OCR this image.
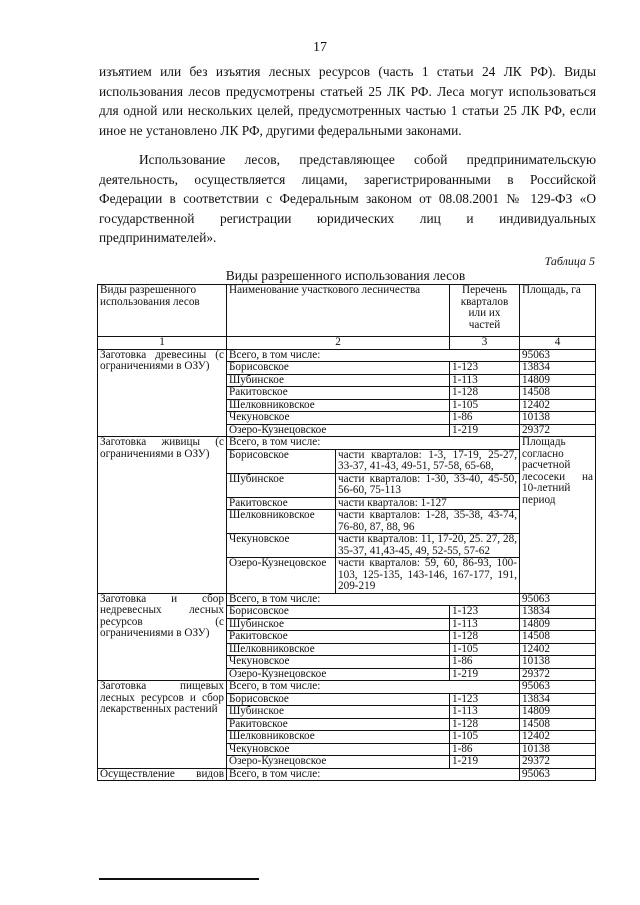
17

изъятием или без изъятия лесных ресурсов (часть 1 статьи 24 ЛК РФ). Виды использования лесов предусмотрены статьей 25 ЛК РФ. Леса могут использоваться для одной или нескольких целей, предусмотренных частью 1 статьи 25 ЛК РФ, если иное не установлено ЛК РФ, другими федеральными законами.

Использование лесов, представляющее собой предпринимательскую деятельность, осуществляется лицами, зарегистрированными в Российской Федерации в соответствии с Федеральным законом от 08.08.2001 № 129-ФЗ «О государственной регистрации юридических лиц и индивидуальных предпринимателей».

Таблица 5
Виды разрешенного использования лесов
Виды разрешенного использования лесов	Наименование участкового лесничества		Перечень кварталов или их частей	Площадь, га
1	2		3	4
Заготовка древесины (с ограничениями в ОЗУ)	Всего, в том числе:			95063
	Борисовское		1-123	13834
	Шубинское		1-113	14809
	Ракитовское		1-128	14508
	Шелковниковское		1-105	12402
	Чекуновское		1-86	10138
	Озеро-Кузнецовское		1-219	29372
Заготовка живицы (с ограничениями в ОЗУ)	Всего, в том числе:			Площадь согласно расчетной лесосеки на 10-летний период
	Борисовское	части кварталов: 1-3, 17-19, 25-27, 33-37, 41-43, 49-51, 57-58, 65-68,		
	Шубинское	части кварталов: 1-30, 33-40, 45-50, 56-60, 75-113		
	Ракитовское	части кварталов: 1-127		
	Шелковниковское	части кварталов: 1-28, 35-38, 43-74, 76-80, 87, 88, 96		
	Чекуновское	части кварталов: 11, 17-20, 25. 27, 28, 35-37, 41,43-45, 49, 52-55, 57-62		
	Озеро-Кузнецовское	части кварталов: 59, 60, 86-93, 100-103, 125-135, 143-146, 167-177, 191, 209-219		
Заготовка и сбор недревесных лесных ресурсов (с ограничениями в ОЗУ)	Всего, в том числе:			95063
	Борисовское		1-123	13834
	Шубинское		1-113	14809
	Ракитовское		1-128	14508
	Шелковниковское		1-105	12402
	Чекуновское		1-86	10138
	Озеро-Кузнецовское		1-219	29372
Заготовка пищевых лесных ресурсов и сбор лекарственных растений	Всего, в том числе:			95063
	Борисовское		1-123	13834
	Шубинское		1-113	14809
	Ракитовское		1-128	14508
	Шелковниковское		1-105	12402
	Чекуновское		1-86	10138
	Озеро-Кузнецовское		1-219	29372
Осуществление видов	Всего, в том числе:			95063
